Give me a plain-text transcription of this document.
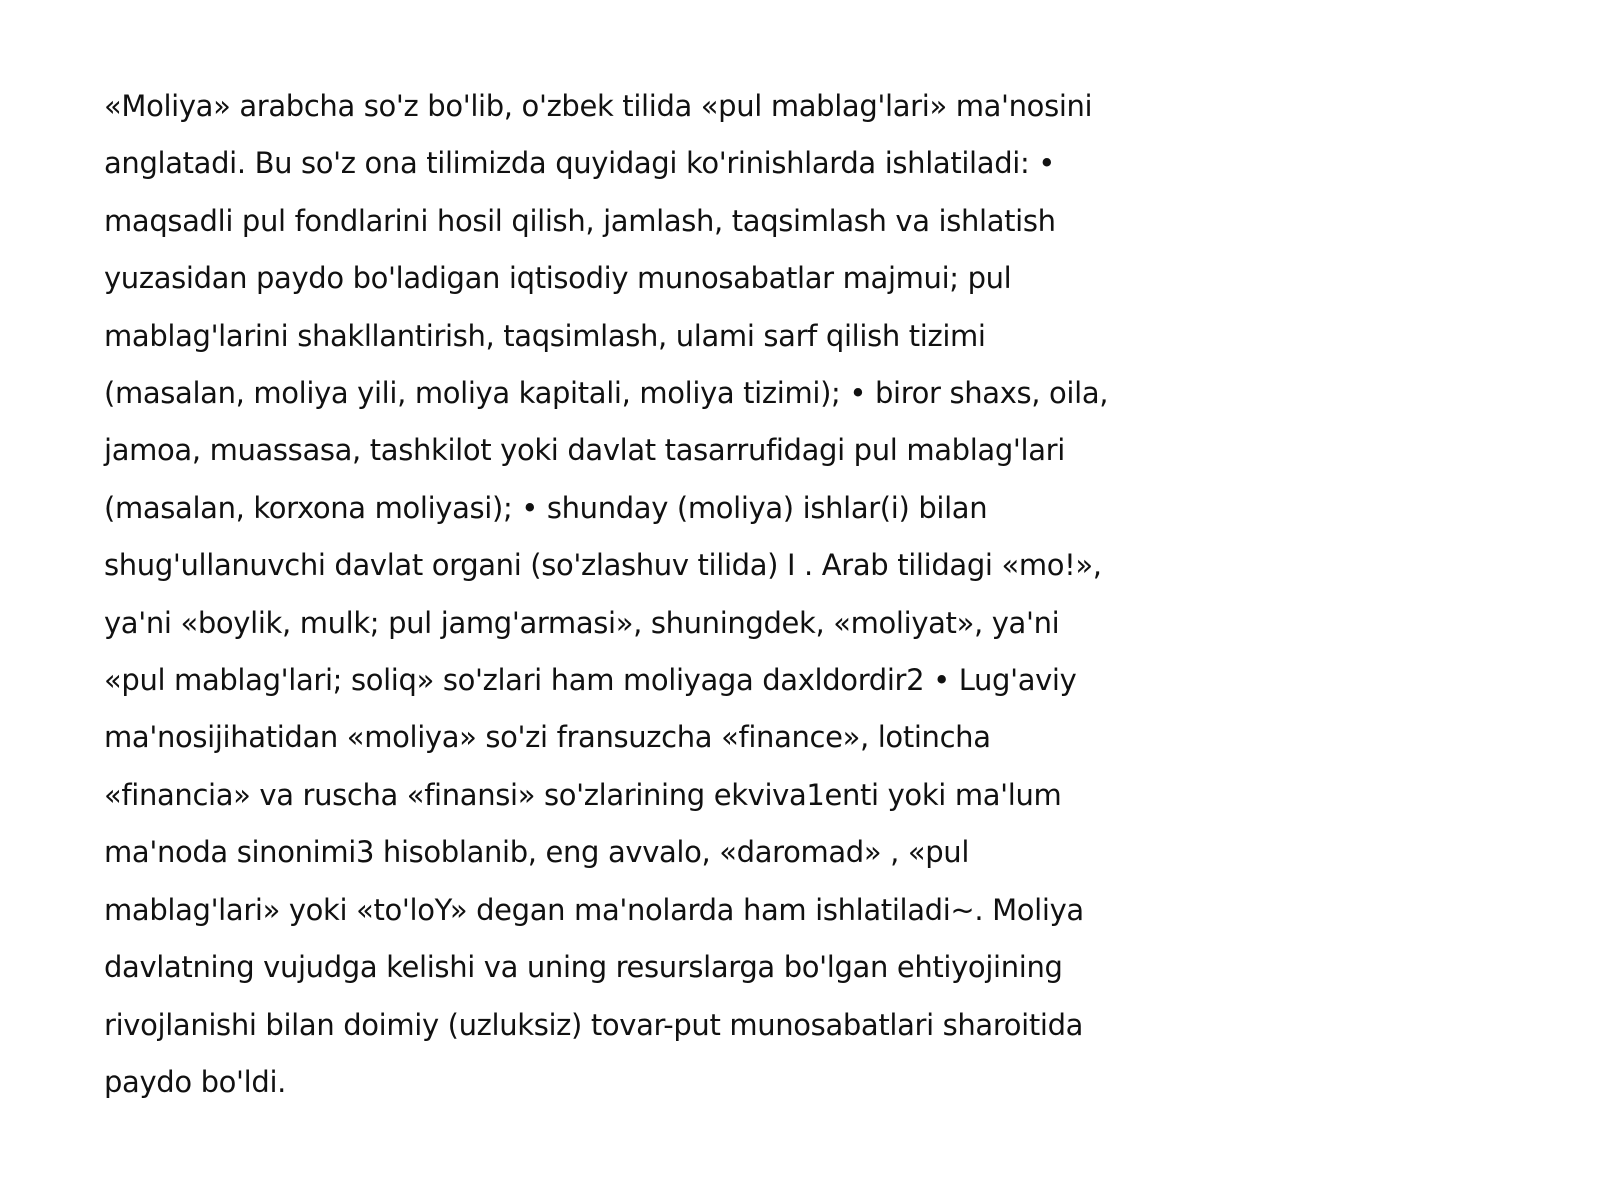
«Moliya» arabcha so'z bo'lib, o'zbek tilida «pul mablag'lari» ma'nosini
anglatadi. Bu so'z ona tilimizda quyidagi ko'rinishlarda ishlatiladi: •
maqsadli pul fondlarini hosil qilish, jamlash, taqsimlash va ishlatish
yuzasidan paydo bo'ladigan iqtisodiy munosabatlar majmui; pul
mablag'larini shakllantirish, taqsimlash, ulami sarf qilish tizimi
(masalan, moliya yili, moliya kapitali, moliya tizimi); • biror shaxs, oila,
jamoa, muassasa, tashkilot yoki davlat tasarrufidagi pul mablag'lari
(masalan, korxona moliyasi); • shunday (moliya) ishlar(i) bilan
shug'ullanuvchi davlat organi (so'zlashuv tilida) I . Arab tilidagi «mo!»,
ya'ni «boylik, mulk; pul jamg'armasi», shuningdek, «moliyat», ya'ni
«pul mablag'lari; soliq» so'zlari ham moliyaga daxldordir2 • Lug'aviy
ma'nosijihatidan «moliya» so'zi fransuzcha «finance», lotincha
«financia» va ruscha «finansi» so'zlarining ekviva1enti yoki ma'lum
ma'noda sinonimi3 hisoblanib, eng avvalo, «daromad» , «pul
mablag'lari» yoki «to'loY» degan ma'nolarda ham ishlatiladi~. Moliya
davlatning vujudga kelishi va uning resurslarga bo'lgan ehtiyojining
rivojlanishi bilan doimiy (uzluksiz) tovar-put munosabatlari sharoitida
paydo bo'ldi.
